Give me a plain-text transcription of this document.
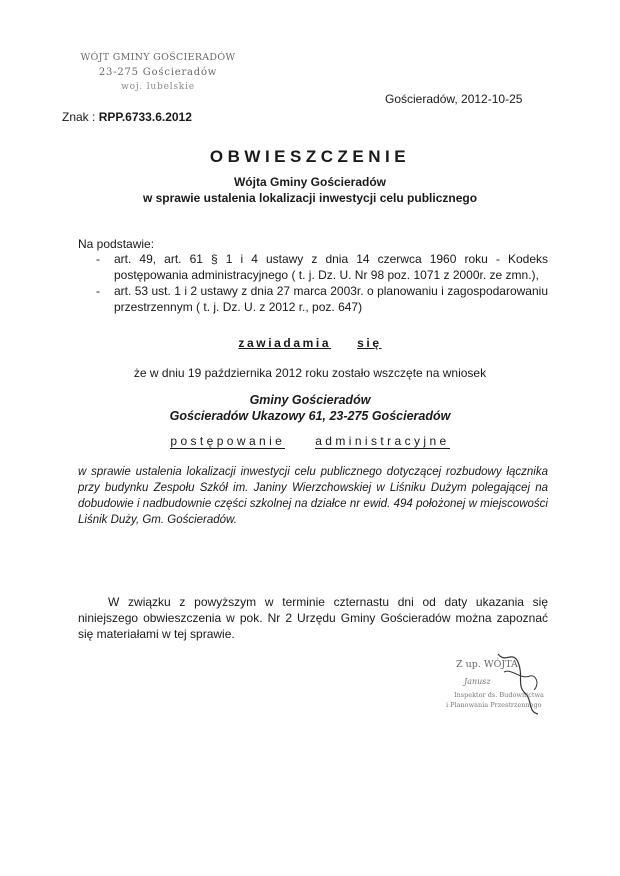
WÓJT GMINY GOŚCIERADÓW
23-275 Gościeradów
woj. lubelskie
Gościeradów, 2012-10-25
Znak : RPP.6733.6.2012
OBWIESZCZENIE
Wójta Gminy Gościeradów
w sprawie ustalenia lokalizacji inwestycji celu publicznego
Na podstawie:
- art. 49, art. 61 § 1 i 4 ustawy z dnia 14 czerwca 1960 roku - Kodeks postępowania administracyjnego ( t. j. Dz. U. Nr 98 poz. 1071 z 2000r. ze zmn.),
- art. 53 ust. 1 i 2 ustawy z dnia 27 marca 2003r. o planowaniu i zagospodarowaniu przestrzennym ( t. j. Dz. U. z 2012 r., poz. 647)
zawiadamia się
że w dniu 19 października 2012 roku zostało wszczęte na wniosek
Gminy Gościeradów
Gościeradów Ukazowy 61, 23-275 Gościeradów
postępowanie	administracyjne
w sprawie ustalenia lokalizacji inwestycji celu publicznego dotyczącej rozbudowy łącznika przy budynku Zespołu Szkół im. Janiny Wierzchowskiej w Liśniku Dużym polegającej na dobudowie i nadbudownie części szkolnej na działce nr ewid. 494 położonej w miejscowości Liśnik Duży, Gm. Gościeradów.
W związku z powyższym w terminie czternastu dni od daty ukazania się niniejszego obwieszczenia w pok. Nr 2 Urzędu Gminy Gościeradów można zapoznać się materiałami w tej sprawie.
Z up. WÓJTA
Janusz
Inspektor ds. Budownictwa
i Planowania Przestrzennego
